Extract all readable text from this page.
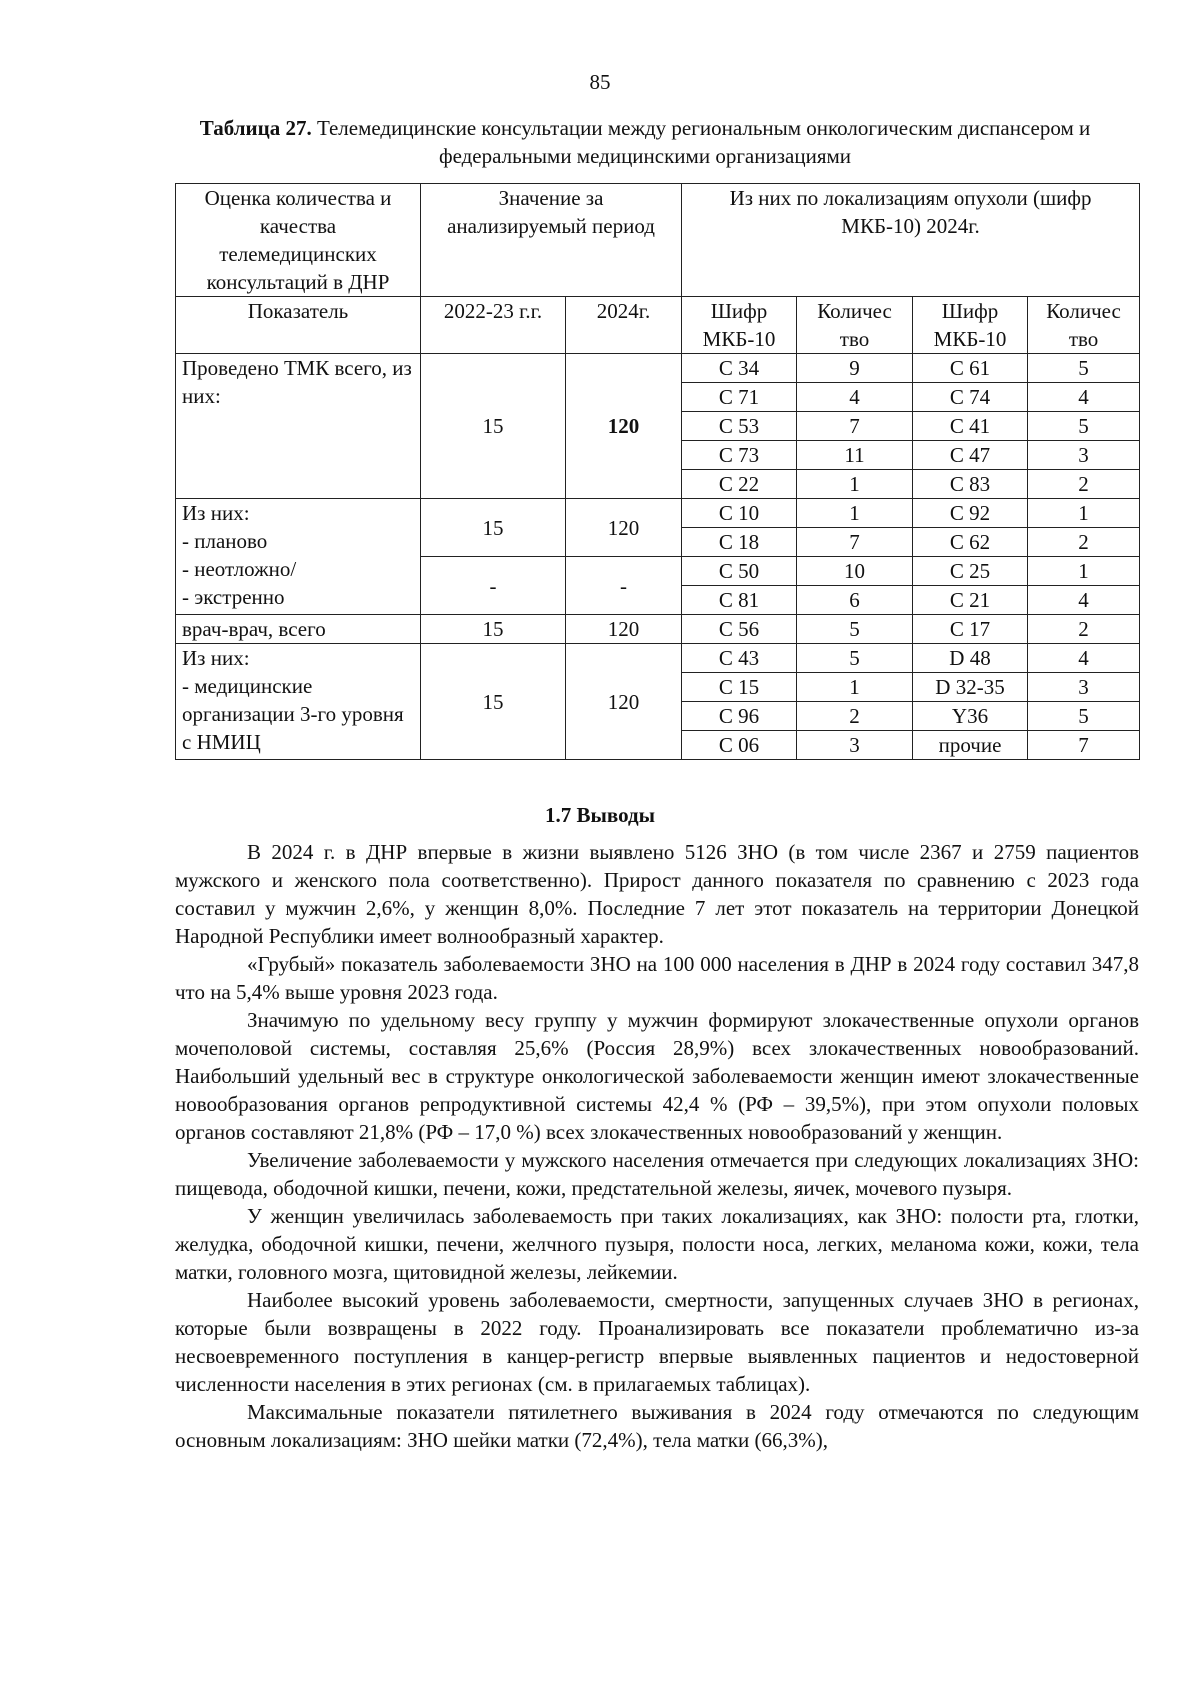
85
Таблица 27. Телемедицинские консультации между региональным онкологическим диспансером и федеральными медицинскими организациями
Оценка количества и качества телемедицинских консультаций в ДНР	Значение за анализируемый период		Из них по локализациям опухоли (шифр МКБ-10) 2024г.			
Показатель	2022-23 г.г.	2024г.	Шифр МКБ-10	Количес тво	Шифр МКБ-10	Количес тво
Проведено ТМК всего, из них:	15	120	С 34	9	С 61	5
			С 71	4	С 74	4
			С 53	7	С 41	5
			С 73	11	С 47	3
			С 22	1	С 83	2
Из них:
- планово
- неотложно/
- экстренно	15	120	С 10	1	С 92	1
			С 18	7	С 62	2
	-	-	С 50	10	С 25	1
			С 81	6	С 21	4
врач-врач, всего	15	120	С 56	5	С 17	2
Из них:
- медицинские организации 3-го уровня с НМИЦ	15	120	С 43	5	D 48	4
			С 15	1	D 32-35	3
			С 96	2	Y36	5
			С 06	3	прочие	7
1.7 Выводы

В 2024 г. в ДНР впервые в жизни выявлено 5126 ЗНО (в том числе 2367 и 2759 пациентов мужского и женского пола соответственно). Прирост данного показателя по сравнению с 2023 года составил у мужчин 2,6%, у женщин 8,0%. Последние 7 лет этот показатель на территории Донецкой Народной Республики имеет волнообразный характер.

«Грубый» показатель заболеваемости ЗНО на 100 000 населения в ДНР в 2024 году составил 347,8 что на 5,4% выше уровня 2023 года.

Значимую по удельному весу группу у мужчин формируют злокачественные опухоли органов мочеполовой системы, составляя 25,6% (Россия 28,9%) всех злокачественных новообразований. Наибольший удельный вес в структуре онкологической заболеваемости женщин имеют злокачественные новообразования органов репродуктивной системы 42,4 % (РФ – 39,5%), при этом опухоли половых органов составляют 21,8% (РФ – 17,0 %) всех злокачественных новообразований у женщин.

Увеличение заболеваемости у мужского населения отмечается при следующих локализациях ЗНО: пищевода, ободочной кишки, печени, кожи, предстательной железы, яичек, мочевого пузыря.

У женщин увеличилась заболеваемость при таких локализациях, как ЗНО: полости рта, глотки, желудка, ободочной кишки, печени, желчного пузыря, полости носа, легких, меланома кожи, кожи, тела матки, головного мозга, щитовидной железы, лейкемии.

Наиболее высокий уровень заболеваемости, смертности, запущенных случаев ЗНО в регионах, которые были возвращены в 2022 году. Проанализировать все показатели проблематично из-за несвоевременного поступления в канцер-регистр впервые выявленных пациентов и недостоверной численности населения в этих регионах (см. в прилагаемых таблицах).

Максимальные показатели пятилетнего выживания в 2024 году отмечаются по следующим основным локализациям: ЗНО шейки матки (72,4%), тела матки (66,3%),
